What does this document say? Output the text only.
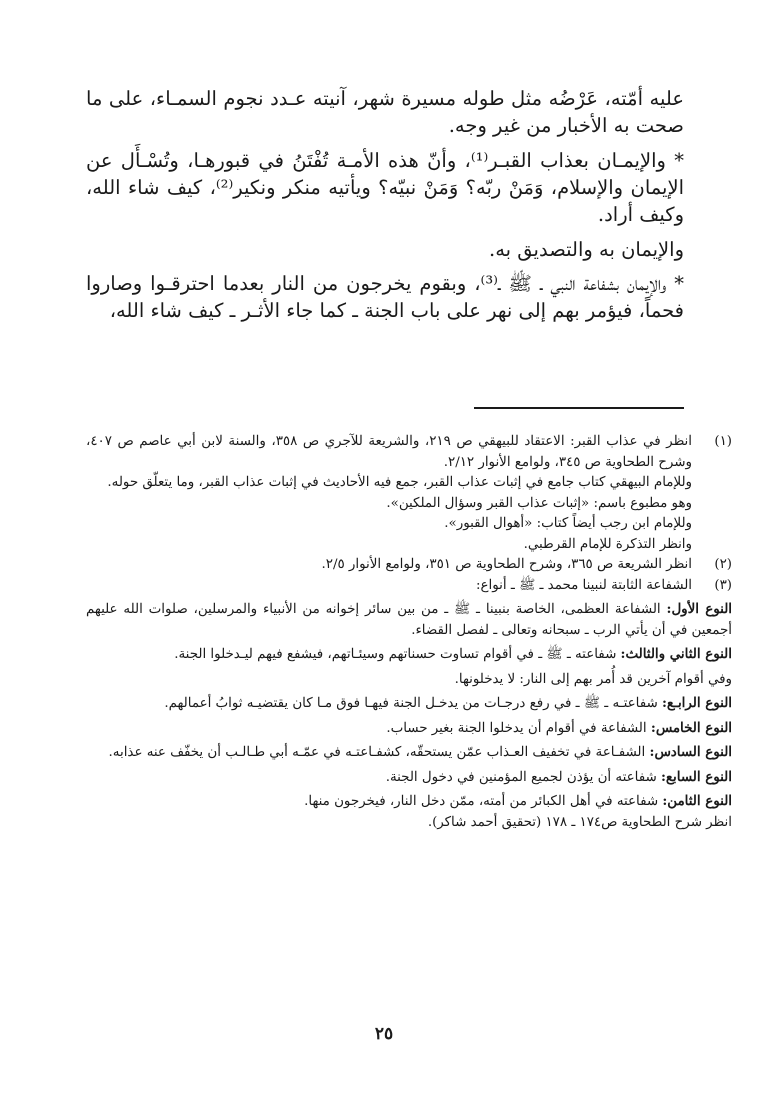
عليه أمّته، عَرْضُه مثل طوله مسيرة شهر، آنيته عـدد نجوم السمـاء، على ما صحت به الأخبار من غير وجه.

* والإيمـان بعذاب القبـر⁽¹⁾، وأنّ هذه الأمـة تُفْتَنُ في قبورهـا، وتُسْـأَل عن الإيمان والإسلام، وَمَنْ ربّه؟ وَمَنْ نبيّه؟ ويأتيه منكر ونكير⁽²⁾، كيف شاء الله، وكيف أراد.

والإيمان به والتصديق به.

* والإيمان بشفاعة النبي ـ ﷺ ـ⁽³⁾، وبقوم يخرجون من النار بعدما احترقـوا وصاروا فحماً، فيؤمر بهم إلى نهر على باب الجنة ـ كما جاء الأثـر ـ كيف شاء الله،

(١)

انظر في عذاب القبر: الاعتقاد للبيهقي ص ٢١٩، والشريعة للآجري ص ٣٥٨، والسنة لابن أبي عاصم ص ٤٠٧، وشرح الطحاوية ص ٣٤٥، ولوامع الأنوار ٢/١٢.

وللإمام البيهقي كتاب جامع في إثبات عذاب القبر، جمع فيه الأحاديث في إثبات عذاب القبر، وما يتعلّق حوله.

وهو مطبوع باسم: «إثبات عذاب القبر وسؤال الملكين».

وللإمام ابن رجب أيضاً كتاب: «أهوال القبور».

وانظر التذكرة للإمام القرطبي.

(٢)

انظر الشريعة ص ٣٦٥، وشرح الطحاوية ص ٣٥١، ولوامع الأنوار ٢/٥.

(٣)

الشفاعة الثابتة لنبينا محمد ـ ﷺ ـ أنواع:

النوع الأول: الشفاعة العظمى، الخاصة بنبينا ـ ﷺ ـ من بين سائر إخوانه من الأنبياء والمرسلين، صلوات الله عليهم أجمعين في أن يأتي الرب ـ سبحانه وتعالى ـ لفصل القضاء.

النوع الثاني والثالث: شفاعته ـ ﷺ ـ في أقوام تساوت حسناتهم وسيئـاتهم، فيشفع فيهم ليـدخلوا الجنة.

وفي أقوام آخرين قد أُمر بهم إلى النار: لا يدخلونها.

النوع الرابـع: شفاعتـه ـ ﷺ ـ في رفع درجـات من يدخـل الجنة فيهـا فوق مـا كان يقتضيـه ثوابُ أعمالهم.

النوع الخامس: الشفاعة في أقوام أن يدخلوا الجنة بغير حساب.

النوع السادس: الشفـاعة في تخفيف العـذاب عمّن يستحقّه، كشفـاعتـه في عمّـه أبي طـالـب أن يخفّف عنه عذابه.

النوع السابع: شفاعته أن يؤذن لجميع المؤمنين في دخول الجنة.

النوع الثامن: شفاعته في أهل الكبائر من أمته، ممّن دخل النار، فيخرجون منها.

انظر شرح الطحاوية ص١٧٤ ـ ١٧٨ (تحقيق أحمد شاكر).

٢٥
